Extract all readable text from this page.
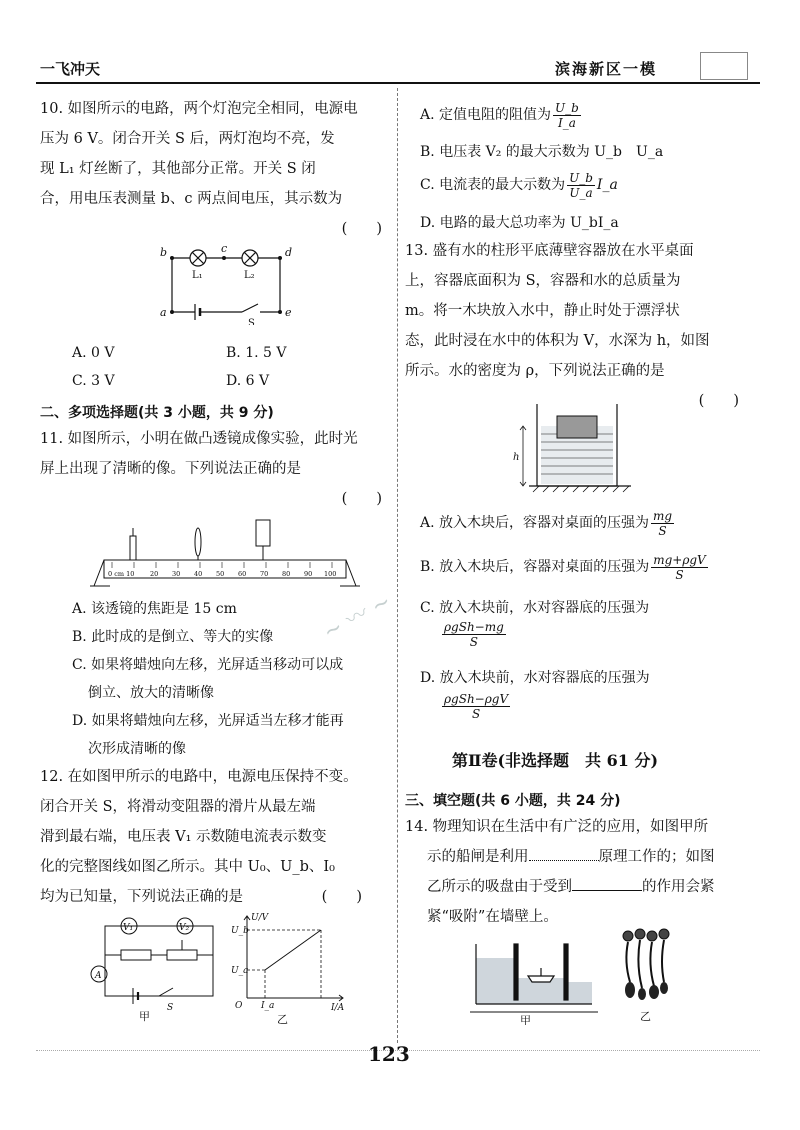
一飞冲天	滨海新区一模

10. 如图所示的电路，两个灯泡完全相同，电源电

压为 6 V。闭合开关 S 后，两灯泡均不亮，发

现 L₁ 灯丝断了，其他部分正常。开关 S 闭

合，用电压表测量 b、c 两点间电压，其示数为

(　　)

b	c	d
a	e
L₁	L₂
S
A. 0 V	B. 1. 5 V
C. 3 V	D. 6 V
二、多项选择题(共 3 小题，共 9 分)

11. 如图所示，小明在做凸透镜成像实验，此时光

屏上出现了清晰的像。下列说法正确的是

(　　)

0 cm 10 20 30 40 50 60 70 80 90 100
A. 该透镜的焦距是 15 cm
B. 此时成的是倒立、等大的实像
C. 如果将蜡烛向左移，光屏适当移动可以成
倒立、放大的清晰像
D. 如果将蜡烛向左移，光屏适当左移才能再
次形成清晰的像

12. 在如图甲所示的电路中，电源电压保持不变。

闭合开关 S，将滑动变阻器的滑片从最左端

滑到最右端，电压表 V₁ 示数随电流表示数变

化的完整图线如图乙所示。其中 U₀、U_b、I₀

均为已知量，下列说法正确的是	(　　)

V₁	V₂
A
S
甲
U/V
I/A
U_b
U_a
O I_a
乙
A. 定值电阻的阻值为 $\frac{U\_b}{I\_a}$
B. 电压表 V₂ 的最大示数为 U_b　U_a
C. 电流表的最大示数为 $\frac{U\_b}{U\_a}$ I_a
D. 电路的最大总功率为 U_bI_a

13. 盛有水的柱形平底薄壁容器放在水平桌面

上，容器底面积为 S，容器和水的总质量为

m。将一木块放入水中，静止时处于漂浮状

态，此时浸在水中的体积为 V，水深为 h，如图

所示。水的密度为 ρ，下列说法正确的是

(　　)

h
A. 放入木块后，容器对桌面的压强为 $\frac{mg}{S}$
B. 放入木块后，容器对桌面的压强为 $\frac{\text{mg+ρgV}}{S}$
C. 放入木块前，水对容器底的压强为
$\frac{\text{ρgSh−mg}}{S}$
D. 放入木块前，水对容器底的压强为
$\frac{\text{ρgSh−ρgV}}{S}$
第Ⅱ卷(非选择题　共 61 分)
三、填空题(共 6 小题，共 24 分)

14. 物理知识在生活中有广泛的应用，如图甲所

示的船闸是利用	原理工作的；如图

乙所示的吸盘由于受到	的作用会紧

紧“吸附”在墙壁上。

甲	乙
~ 〰 ~
123
